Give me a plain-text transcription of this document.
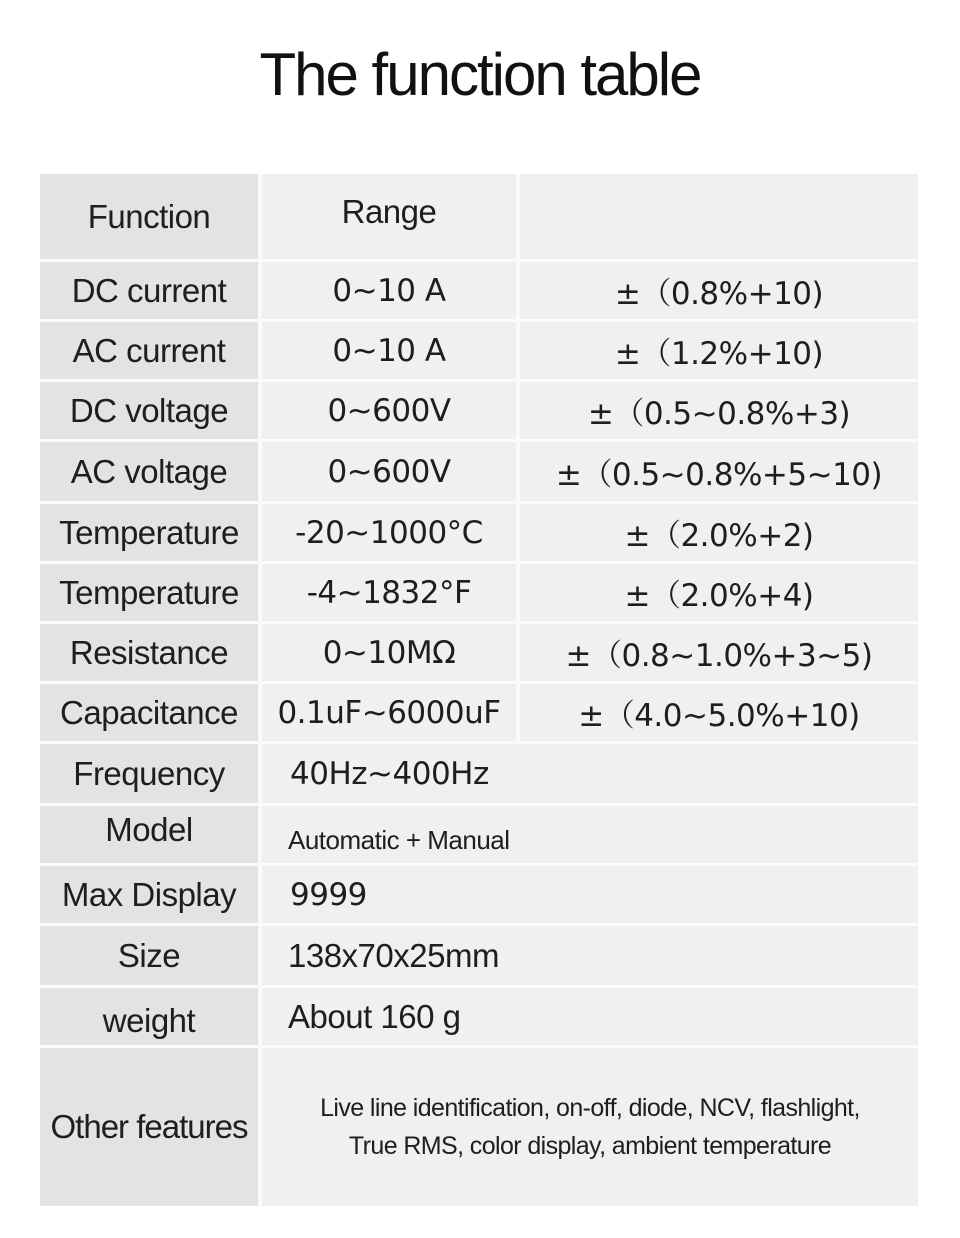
The function table
Function	Range
DC current	0~10 A	±（0.8%+10)
AC current	0~10 A	±（1.2%+10)
DC voltage	0~600V	±（0.5~0.8%+3)
AC voltage	0~600V	±（0.5~0.8%+5~10)
Temperature	-20~1000°C	±（2.0%+2)
Temperature	-4~1832°F	±（2.0%+4)
Resistance	0~10MΩ	±（0.8~1.0%+3~5)
Capacitance	0.1uF~6000uF	±（4.0~5.0%+10)
Frequency	40Hz~400Hz
Model	Automatic + Manual
Max Display	9999
Size	138x70x25mm
weight	About 160 g
Other features	Live line identification, on-off, diode, NCV, flashlight,
True RMS, color display, ambient temperature
